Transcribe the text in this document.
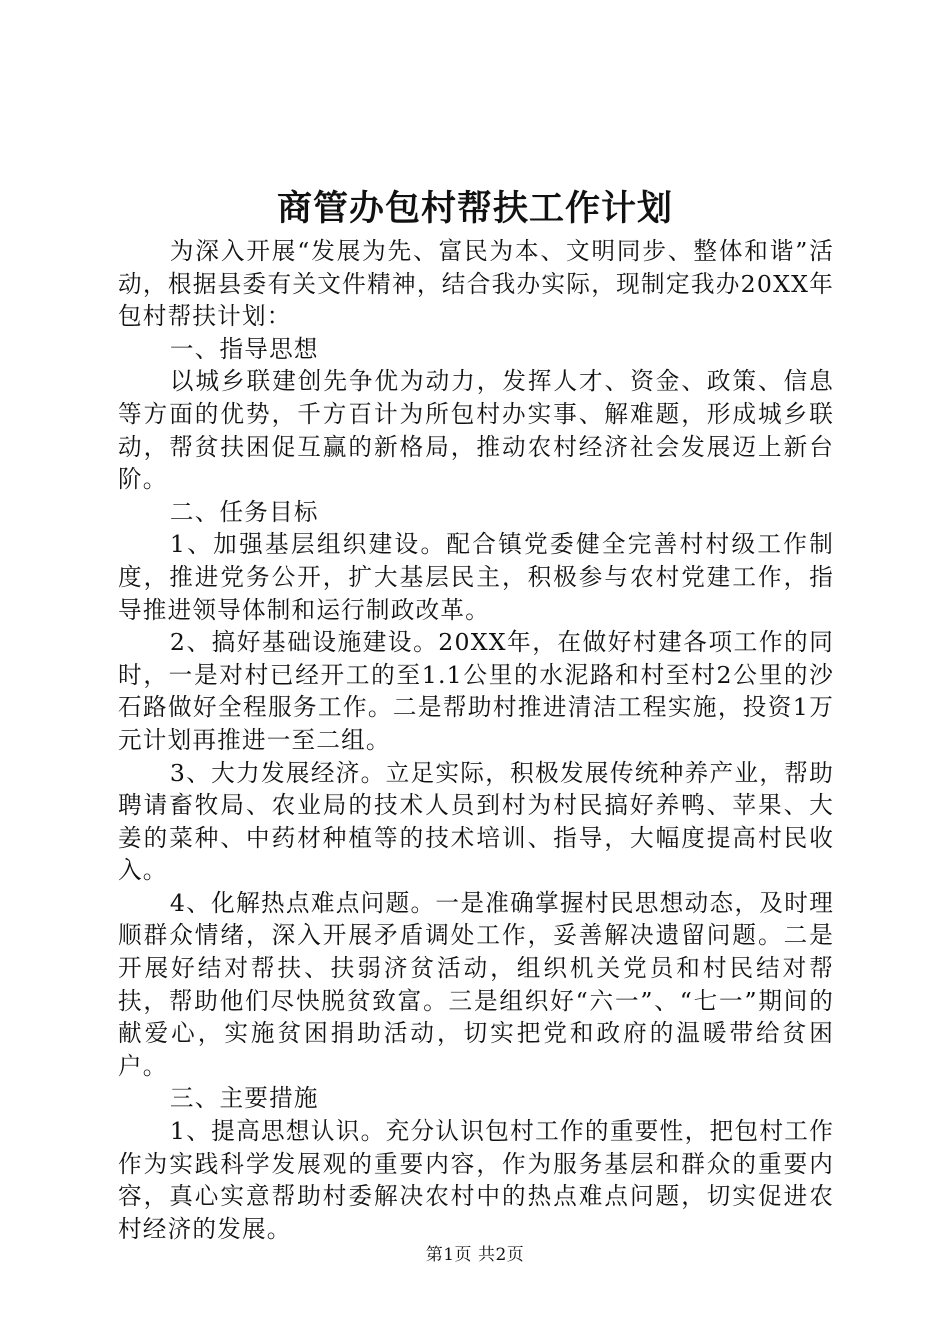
商管办包村帮扶工作计划

为深入开展“发展为先、富民为本、文明同步、整体和谐”活动，根据县委有关文件精神，结合我办实际，现制定我办20XX年包村帮扶计划：

一、指导思想

以城乡联建创先争优为动力，发挥人才、资金、政策、信息等方面的优势，千方百计为所包村办实事、解难题，形成城乡联动，帮贫扶困促互赢的新格局，推动农村经济社会发展迈上新台阶。

二、任务目标

1、加强基层组织建设。配合镇党委健全完善村村级工作制度，推进党务公开，扩大基层民主，积极参与农村党建工作，指导推进领导体制和运行制政改革。

2、搞好基础设施建设。20XX年，在做好村建各项工作的同时，一是对村已经开工的至1.1公里的水泥路和村至村2公里的沙石路做好全程服务工作。二是帮助村推进清洁工程实施，投资1万元计划再推进一至二组。

3、大力发展经济。立足实际，积极发展传统种养产业，帮助聘请畜牧局、农业局的技术人员到村为村民搞好养鸭、苹果、大姜的菜种、中药材种植等的技术培训、指导，大幅度提高村民收入。

4、化解热点难点问题。一是准确掌握村民思想动态，及时理顺群众情绪，深入开展矛盾调处工作，妥善解决遗留问题。二是开展好结对帮扶、扶弱济贫活动，组织机关党员和村民结对帮扶，帮助他们尽快脱贫致富。三是组织好“六一”、“七一”期间的献爱心，实施贫困捐助活动，切实把党和政府的温暖带给贫困户。

三、主要措施

1、提高思想认识。充分认识包村工作的重要性，把包村工作作为实践科学发展观的重要内容，作为服务基层和群众的重要内容，真心实意帮助村委解决农村中的热点难点问题，切实促进农村经济的发展。

第1页 共2页
